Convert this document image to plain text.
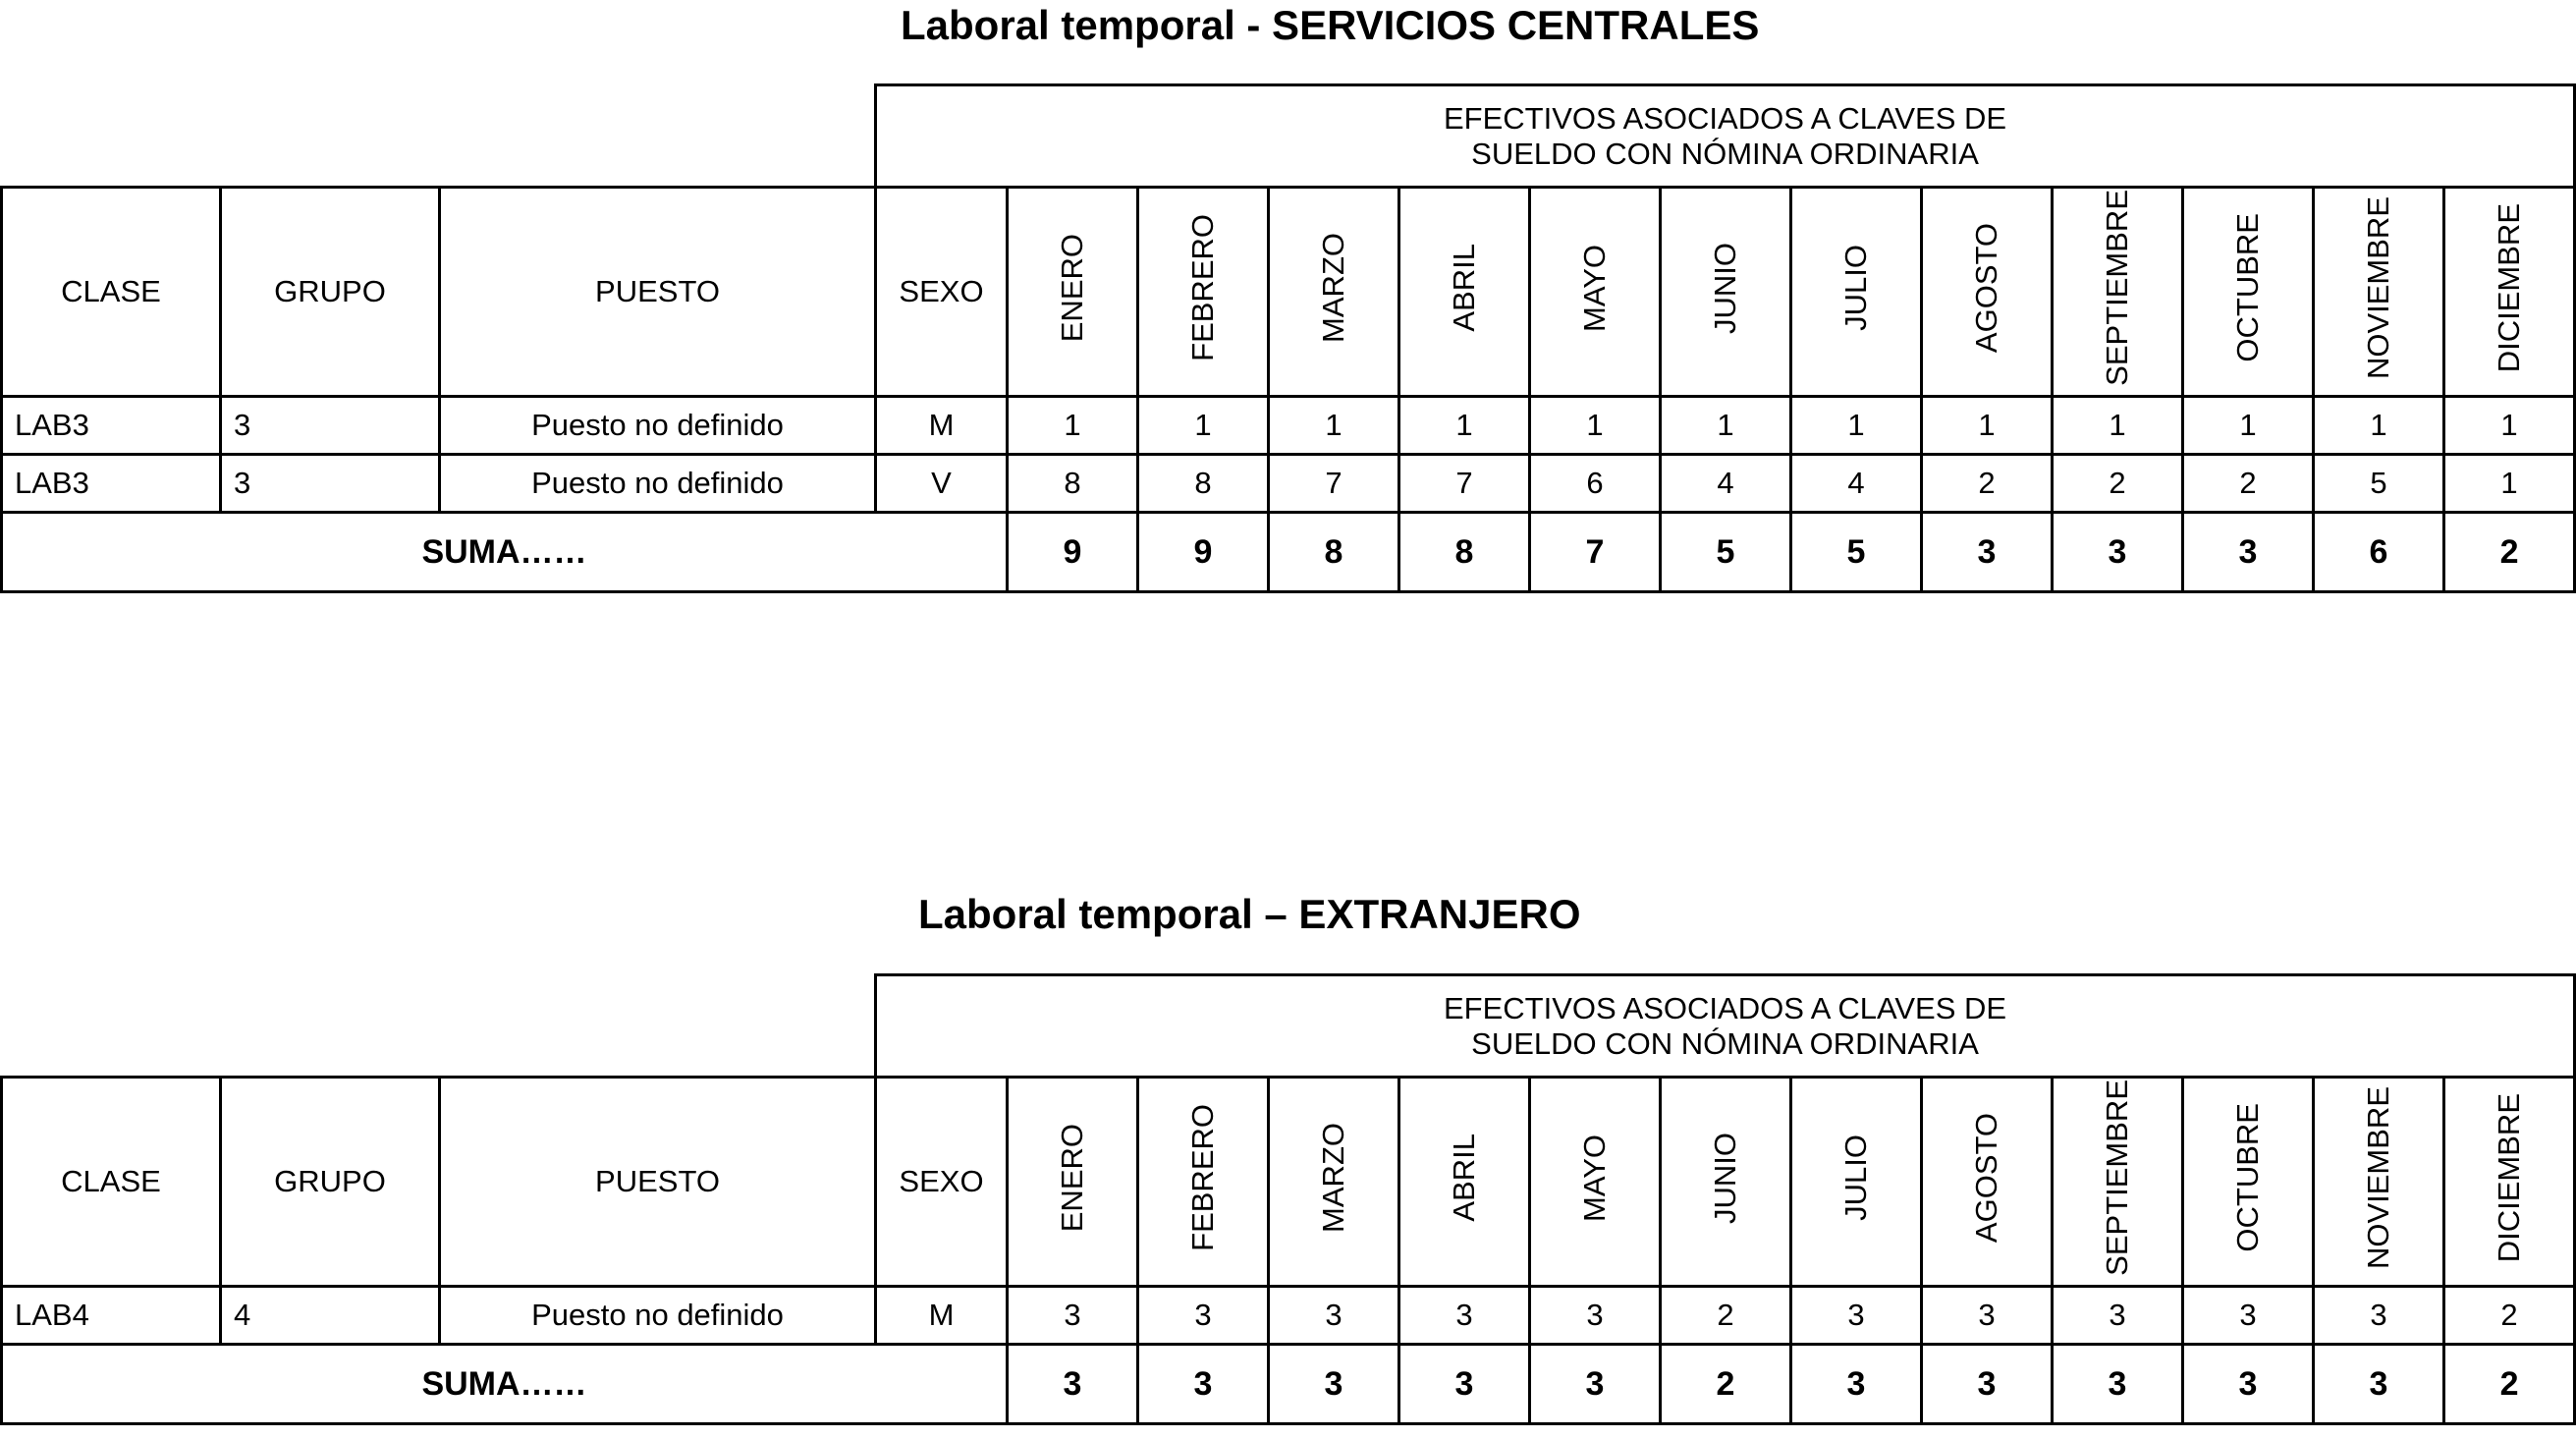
Laboral temporal - SERVICIOS CENTRALES

			EFECTIVOS ASOCIADOS A CLAVES DE
SUELDO CON NÓMINA ORDINARIA												

CLASE	GRUPO	PUESTO	SEXO	ENERO	FEBRERO	MARZO	ABRIL	MAYO	JUNIO	JULIO	AGOSTO	SEPTIEMBRE	OCTUBRE	NOVIEMBRE	DICIEMBRE
LAB3	3	Puesto no definido	M	1	1	1	1	1	1	1	1	1	1	1	1
LAB3	3	Puesto no definido	V	8	8	7	7	6	4	4	2	2	2	5	1
SUMA……				9	9	8	8	7	5	5	3	3	3	6	2
Laboral temporal – EXTRANJERO

			EFECTIVOS ASOCIADOS A CLAVES DE
SUELDO CON NÓMINA ORDINARIA												

CLASE	GRUPO	PUESTO	SEXO	ENERO	FEBRERO	MARZO	ABRIL	MAYO	JUNIO	JULIO	AGOSTO	SEPTIEMBRE	OCTUBRE	NOVIEMBRE	DICIEMBRE
LAB4	4	Puesto no definido	M	3	3	3	3	3	2	3	3	3	3	3	2
SUMA……				3	3	3	3	3	2	3	3	3	3	3	2
